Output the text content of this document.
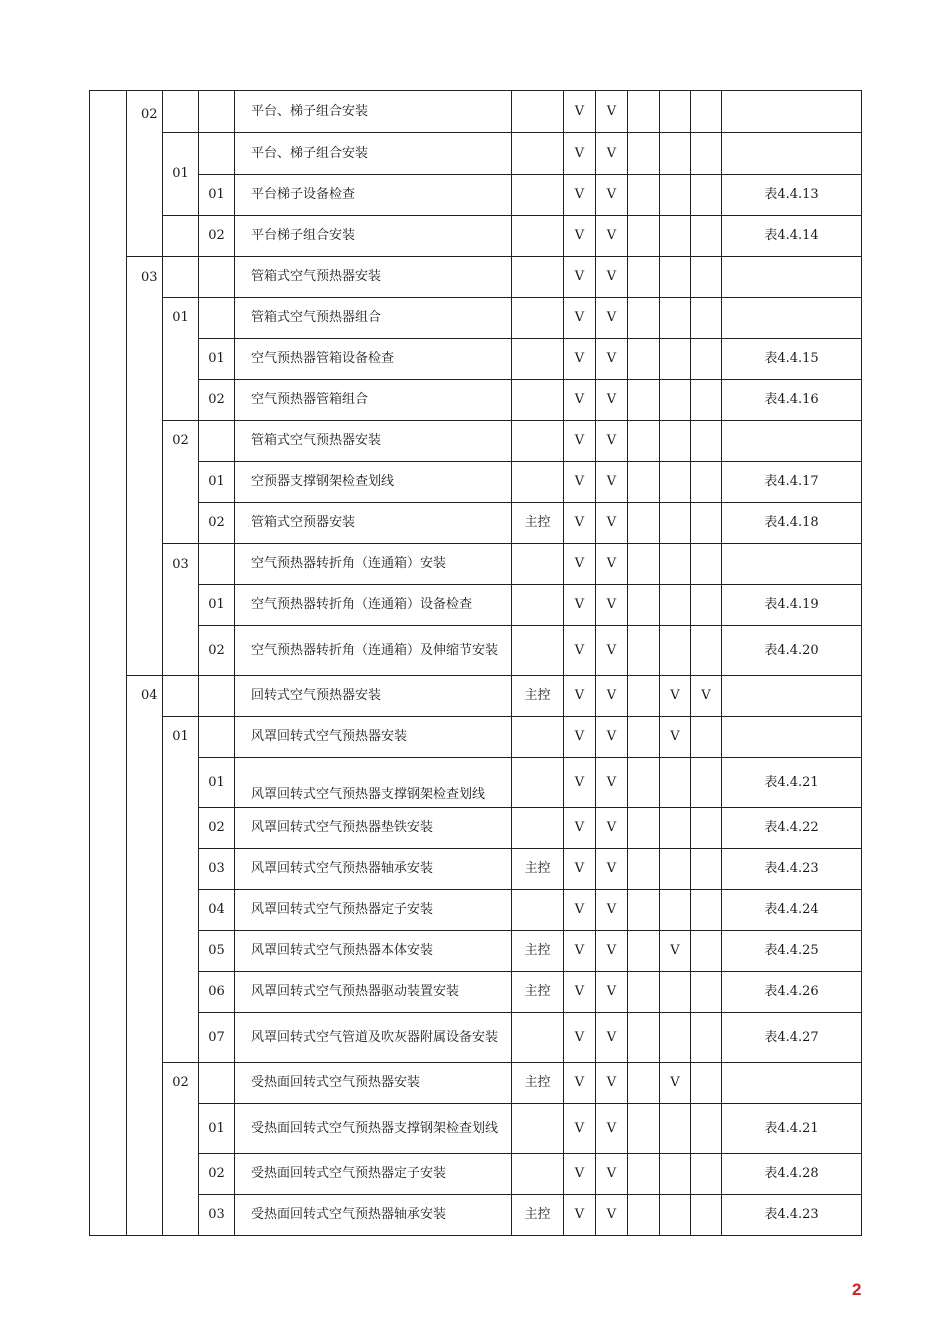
	02			平台、梯子组合安装		V	V				
		01		平台、梯子组合安装		V	V				
			01	平台梯子设备检查		V	V				表4.4.13
			02	平台梯子组合安装		V	V				表4.4.14
	03			管箱式空气预热器安装		V	V				
		01		管箱式空气预热器组合		V	V				
			01	空气预热器管箱设备检查		V	V				表4.4.15
			02	空气预热器管箱组合		V	V				表4.4.16
		02		管箱式空气预热器安装		V	V				
			01	空预器支撑钢架检查划线		V	V				表4.4.17
			02	管箱式空预器安装	主控	V	V				表4.4.18
		03		空气预热器转折角（连通箱）安装		V	V				
			01	空气预热器转折角（连通箱）设备检查		V	V				表4.4.19
			02	空气预热器转折角（连通箱）及伸缩节安装		V	V				表4.4.20
	04			回转式空气预热器安装	主控	V	V		V	V	
		01		风罩回转式空气预热器安装		V	V		V		
			01	风罩回转式空气预热器支撑钢架检查划线		V	V				表4.4.21
			02	风罩回转式空气预热器垫铁安装		V	V				表4.4.22
			03	风罩回转式空气预热器轴承安装	主控	V	V				表4.4.23
			04	风罩回转式空气预热器定子安装		V	V				表4.4.24
			05	风罩回转式空气预热器本体安装	主控	V	V		V		表4.4.25
			06	风罩回转式空气预热器驱动装置安装	主控	V	V				表4.4.26
			07	风罩回转式空气管道及吹灰器附属设备安装		V	V				表4.4.27
		02		受热面回转式空气预热器安装	主控	V	V		V		
			01	受热面回转式空气预热器支撑钢架检查划线		V	V				表4.4.21
			02	受热面回转式空气预热器定子安装		V	V				表4.4.28
			03	受热面回转式空气预热器轴承安装	主控	V	V				表4.4.23
2
